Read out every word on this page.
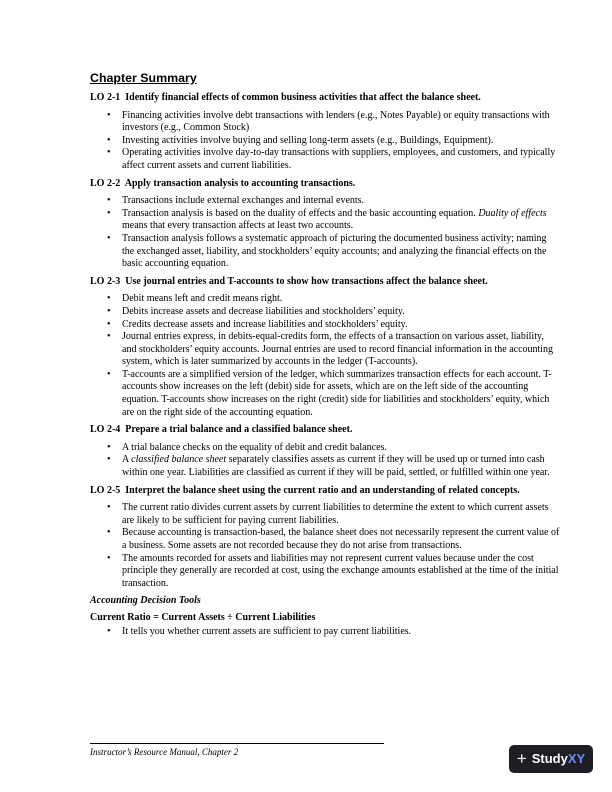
Chapter Summary
LO 2-1 Identify financial effects of common business activities that affect the balance sheet.
• Financing activities involve debt transactions with lenders (e.g., Notes Payable) or equity transactions with investors (e.g., Common Stock)
• Investing activities involve buying and selling long-term assets (e.g., Buildings, Equipment).
• Operating activities involve day-to-day transactions with suppliers, employees, and customers, and typically affect current assets and current liabilities.
LO 2-2 Apply transaction analysis to accounting transactions.
• Transactions include external exchanges and internal events.
• Transaction analysis is based on the duality of effects and the basic accounting equation. Duality of effects means that every transaction affects at least two accounts.
• Transaction analysis follows a systematic approach of picturing the documented business activity; naming the exchanged asset, liability, and stockholders’ equity accounts; and analyzing the financial effects on the basic accounting equation.
LO 2-3 Use journal entries and T-accounts to show how transactions affect the balance sheet.
• Debit means left and credit means right.
• Debits increase assets and decrease liabilities and stockholders’ equity.
• Credits decrease assets and increase liabilities and stockholders’ equity.
• Journal entries express, in debits-equal-credits form, the effects of a transaction on various asset, liability, and stockholders’ equity accounts. Journal entries are used to record financial information in the accounting system, which is later summarized by accounts in the ledger (T-accounts).
• T-accounts are a simplified version of the ledger, which summarizes transaction effects for each account. T-accounts show increases on the left (debit) side for assets, which are on the left side of the accounting equation. T-accounts show increases on the right (credit) side for liabilities and stockholders’ equity, which are on the right side of the accounting equation.
LO 2-4 Prepare a trial balance and a classified balance sheet.
• A trial balance checks on the equality of debit and credit balances.
• A classified balance sheet separately classifies assets as current if they will be used up or turned into cash within one year. Liabilities are classified as current if they will be paid, settled, or fulfilled within one year.
LO 2-5 Interpret the balance sheet using the current ratio and an understanding of related concepts.
• The current ratio divides current assets by current liabilities to determine the extent to which current assets are likely to be sufficient for paying current liabilities.
• Because accounting is transaction-based, the balance sheet does not necessarily represent the current value of a business. Some assets are not recorded because they do not arise from transactions.
• The amounts recorded for assets and liabilities may not represent current values because under the cost principle they generally are recorded at cost, using the exchange amounts established at the time of the initial transaction.
Accounting Decision Tools
Current Ratio = Current Assets ÷ Current Liabilities
• It tells you whether current assets are sufficient to pay current liabilities.
Instructor’s Resource Manual, Chapter 2	+ StudyXY
